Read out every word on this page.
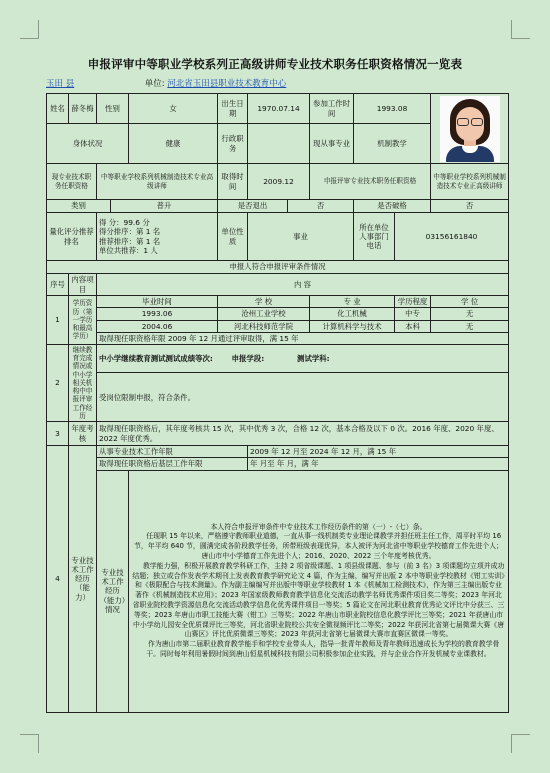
申报评审中等职业学校系列正高级讲师专业技术职务任职资格情况一览表
玉田 县	单位: 河北省玉田县职业技术教育中心
姓名	薛冬梅	性别		女	出生日期	1970.07.14		参加工作时间	1993.08		

身体状况				健康	行政职务			现从事专业	机制教学		
现专业技术职务任职资格		中等职业学校系列机械制造技术专业高级讲师			取得时间	2009.12		申报评审专业技术职务任职资格			中等职业学校系列机械制造技术专业正高级讲师
类别			普升		是否退出		否		是否破格		否
量化评分推荐排名		得 分：99.6 分
得分排序：第 1 名
推荐排序：第 1 名
单位共推荐：1 人			单位性质	事业			所在单位人事部门电话	03156161840	
申报人符合申报评审条件情况											
序号	内容项目	内 容									
1	学历资历（第一学历和最高学历）	毕业时间			学 校			专 业		学历程度	学 位
		1993.06			沧州工业学校			化工机械		中专	无
		2004.06			河北科技师范学院			计算机科学与技术		本科	无
		取得现任职资格年限 2009 年 12 月通过评审取得，满 15 年									
2	继续教育完成情况或中小学相关机构中申报评审工作经历	中小学继续教育测试测试成绩等次: 申报学段: 测试学科:									
		受岗位限制申报，符合条件。									
3	年度考核	取得现任职资格后，其年度考核共 15 次，其中优秀 3 次，合格 12 次，基本合格及以下 0 次。2016 年度、2020 年度、2022 年度优秀。									
4	专业技术工作经历（能力）	从事专业技术工作年限				2009 年 12 月至 2024 年 12 月，满 15 年					
		取得现任职资格后基层工作年限				年 月至 年 月，满 年					
		专业技术工作经历（能力）情况		本人符合申报评审条件中专业技术工作经历条件的第（一）-（七）条。

任现职 15 年以来，严格遵守教师职业道德，一直从事一线机制类专业理论课教学并担任班主任工作，周平时平均 16 节，年平均 640 节，圆满完成各阶段教学任务，所带班级表现优异，本人被评为河北省中等职业学校德育工作先进个人；唐山市中小学德育工作先进个人；2016、2020、2022 三个年度考核优秀。

教学能力强，积极开展教育教学科研工作，主持 2 项省级课题、1 项县级课题、参与（前 3 名）3 项课题均立项并成功结题；独立或合作发表学术期刊上发表教育教学研究论文 4 篇，作为主编，编写并出版 2 本中等职业学校教材《钳工实训》和《极限配合与技术测量》。作为副主编编写并出版中等职业学校教材 1 本《机械加工检测技术》，作为第三主编出版专业著作《机械制造技术应用》；2023 年国家级教师教育教学信息化交流活动教学名师优秀课件项目奖二等奖；2023 年河北省职业院校教学资源信息化交流活动教学信息化优秀课件项目一等奖；5 篇论文在河北职业教育优秀论文评比中分获三、三等奖；2023 年唐山市职工技能大赛（钳工）三等奖；2022 年唐山市职业院校信息化教学评比三等奖；2021 年获唐山市中小学幼儿园安全优质课评比三等奖，河北省职业院校公共安全微视频评比二等奖；2022 年获河北省第七届微课大赛《唐山赛区》评比优质微课三等奖；2023 年获河北省第七届微课大赛市直赛区微课一等奖。

作为唐山市第二届职业教育教学能手和学校专业带头人，指导一批青年教师及青年教师迅速成长为学校的教育教学骨干。同时每年利用暑假时间到唐山恒星机械科技有限公司积极参加企业实践，并与企业合作开发机械专业课教材。							
